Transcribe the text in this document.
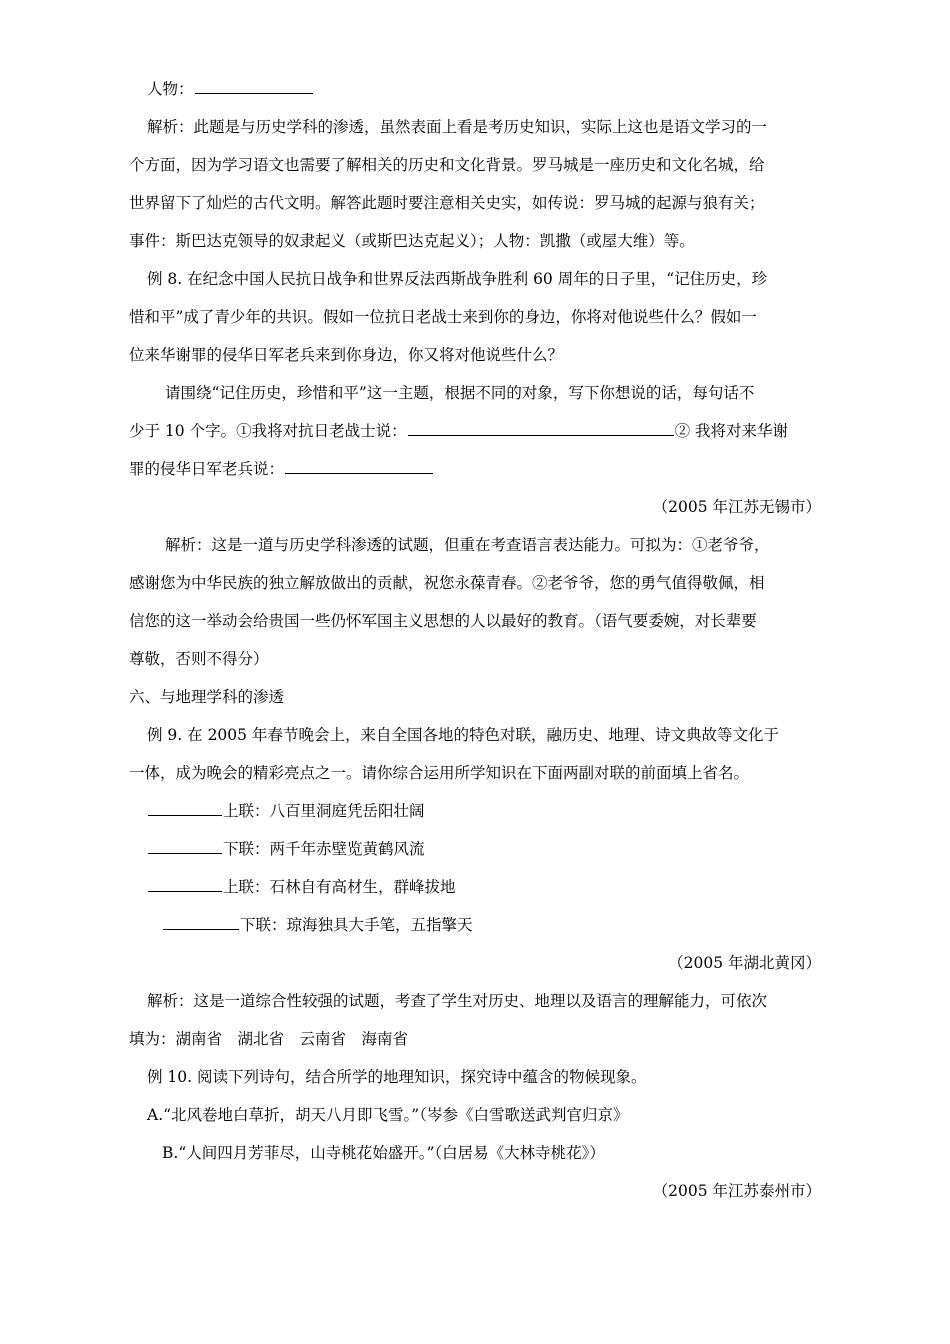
人物：
解析：此题是与历史学科的渗透，虽然表面上看是考历史知识，实际上这也是语文学习的一
个方面，因为学习语文也需要了解相关的历史和文化背景。罗马城是一座历史和文化名城，给
世界留下了灿烂的古代文明。解答此题时要注意相关史实，如传说：罗马城的起源与狼有关；
事件：斯巴达克领导的奴隶起义（或斯巴达克起义）；人物：凯撒（或屋大维）等。
例 8. 在纪念中国人民抗日战争和世界反法西斯战争胜利 60 周年的日子里，“记住历史，珍
惜和平”成了青少年的共识。假如一位抗日老战士来到你的身边，你将对他说些什么？假如一
位来华谢罪的侵华日军老兵来到你身边，你又将对他说些什么？
请围绕“记住历史，珍惜和平”这一主题，根据不同的对象，写下你想说的话，每句话不
少于 10 个字。①我将对抗日老战士说：	② 我将对来华谢
罪的侵华日军老兵说：
（2005 年江苏无锡市）
解析：这是一道与历史学科渗透的试题，但重在考查语言表达能力。可拟为：①老爷爷，
感谢您为中华民族的独立解放做出的贡献，祝您永葆青春。②老爷爷，您的勇气值得敬佩，相
信您的这一举动会给贵国一些仍怀军国主义思想的人以最好的教育。（语气要委婉，对长辈要
尊敬，否则不得分）
六、与地理学科的渗透
例 9. 在 2005 年春节晚会上，来自全国各地的特色对联，融历史、地理、诗文典故等文化于
一体，成为晚会的精彩亮点之一。请你综合运用所学知识在下面两副对联的前面填上省名。
上联：八百里洞庭凭岳阳壮阔
下联：两千年赤壁览黄鹤风流
上联：石林自有高材生，群峰拔地
下联：琼海独具大手笔，五指擎天
（2005 年湖北黄冈）
解析：这是一道综合性较强的试题，考查了学生对历史、地理以及语言的理解能力，可依次
填为：湖南省　湖北省　云南省　海南省
例 10. 阅读下列诗句，结合所学的地理知识，探究诗中蕴含的物候现象。
A.“北风卷地白草折，胡天八月即飞雪。”（岑参《白雪歌送武判官归京》
B.“人间四月芳菲尽，山寺桃花始盛开。”（白居易《大林寺桃花》）
（2005 年江苏泰州市）
